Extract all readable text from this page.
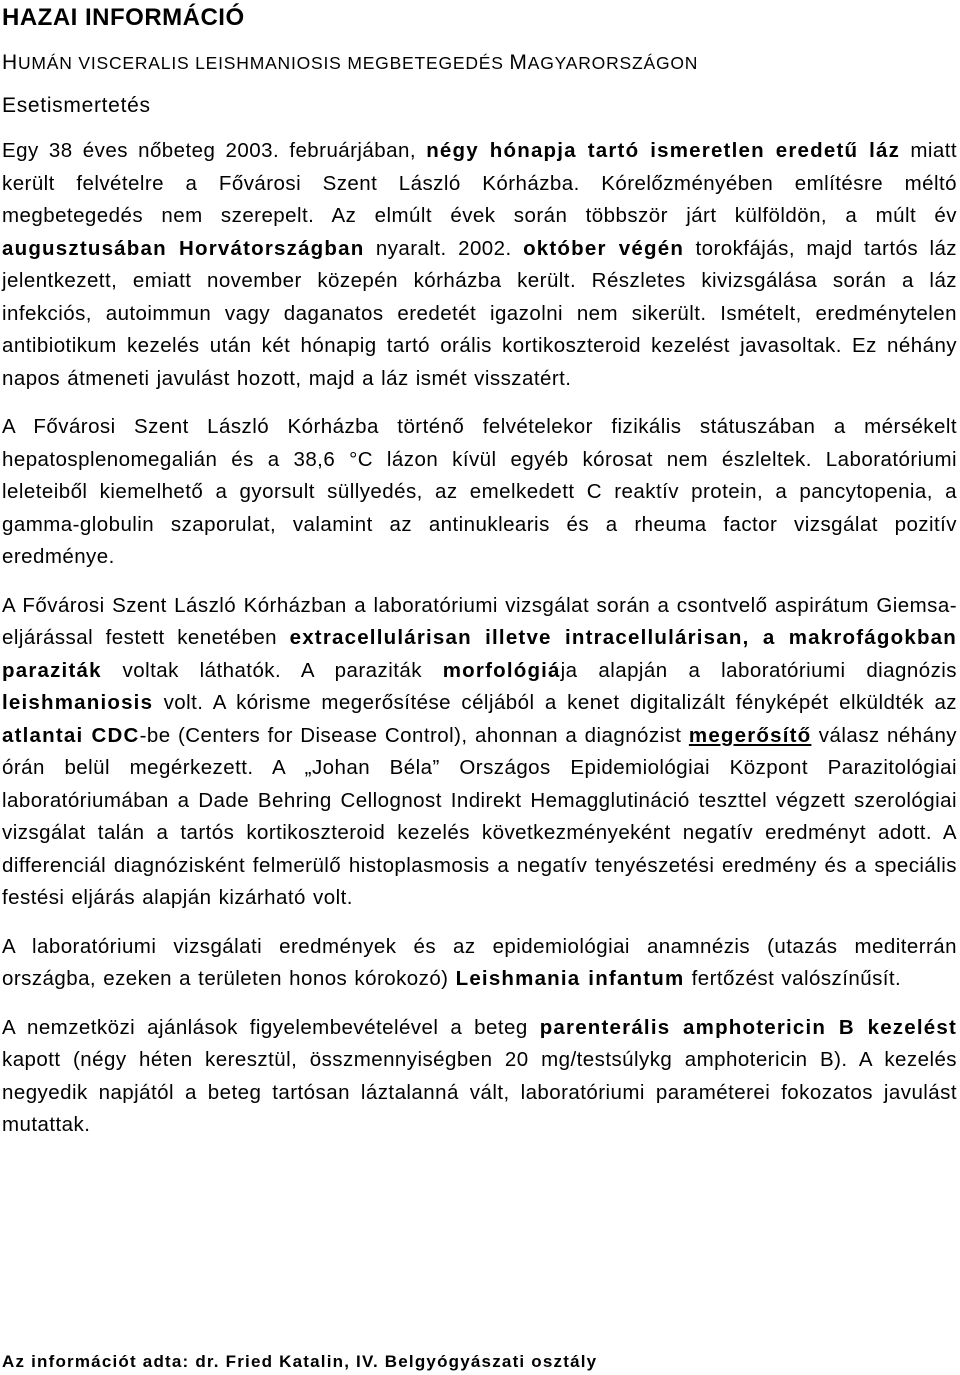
HAZAI INFORMÁCIÓ
HUMÁN VISCERALIS LEISHMANIOSIS MEGBETEGEDÉS MAGYARORSZÁGON
Esetismertetés

Egy 38 éves nőbeteg 2003. februárjában, négy hónapja tartó ismeretlen eredetű láz miatt került felvételre a Fővárosi Szent László Kórházba. Kórelőzményében említésre méltó megbetegedés nem szerepelt. Az elmúlt évek során többször járt külföldön, a múlt év augusztusában Horvátországban nyaralt. 2002. október végén torokfájás, majd tartós láz jelentkezett, emiatt november közepén kórházba került. Részletes kivizsgálása során a láz infekciós, autoimmun vagy daganatos eredetét igazolni nem sikerült. Ismételt, eredménytelen antibiotikum kezelés után két hónapig tartó orális kortikoszteroid kezelést javasoltak. Ez néhány napos átmeneti javulást hozott, majd a láz ismét visszatért.

A Fővárosi Szent László Kórházba történő felvételekor fizikális státuszában a mérsékelt hepatosplenomegalián és a 38,6 °C lázon kívül egyéb kórosat nem észleltek. Laboratóriumi leleteiből kiemelhető a gyorsult süllyedés, az emelkedett C reaktív protein, a pancytopenia, a gamma-globulin szaporulat, valamint az antinuklearis és a rheuma factor vizsgálat pozitív eredménye.

A Fővárosi Szent László Kórházban a laboratóriumi vizsgálat során a csontvelő aspirátum Giemsa-eljárással festett kenetében extracellulárisan illetve intracellulárisan, a makrofágokban paraziták voltak láthatók. A paraziták morfológiája alapján a laboratóriumi diagnózis leishmaniosis volt. A kórisme megerősítése céljából a kenet digitalizált fényképét elküldték az atlantai CDC-be (Centers for Disease Control), ahonnan a diagnózist megerősítő válasz néhány órán belül megérkezett. A „Johan Béla” Országos Epidemiológiai Központ Parazitológiai laboratóriumában a Dade Behring Cellognost Indirekt Hemagglutináció teszttel végzett szerológiai vizsgálat talán a tartós kortikoszteroid kezelés következményeként negatív eredményt adott. A differenciál diagnózisként felmerülő histoplasmosis a negatív tenyészetési eredmény és a speciális festési eljárás alapján kizárható volt.

A laboratóriumi vizsgálati eredmények és az epidemiológiai anamnézis (utazás mediterrán országba, ezeken a területen honos kórokozó) Leishmania infantum fertőzést valószínűsít.

A nemzetközi ajánlások figyelembevételével a beteg parenterális amphotericin B kezelést kapott (négy héten keresztül, összmennyiségben 20 mg/testsúlykg amphotericin B). A kezelés negyedik napjától a beteg tartósan láztalanná vált, laboratóriumi paraméterei fokozatos javulást mutattak.

Az információt adta: dr. Fried Katalin, IV. Belgyógyászati osztály
